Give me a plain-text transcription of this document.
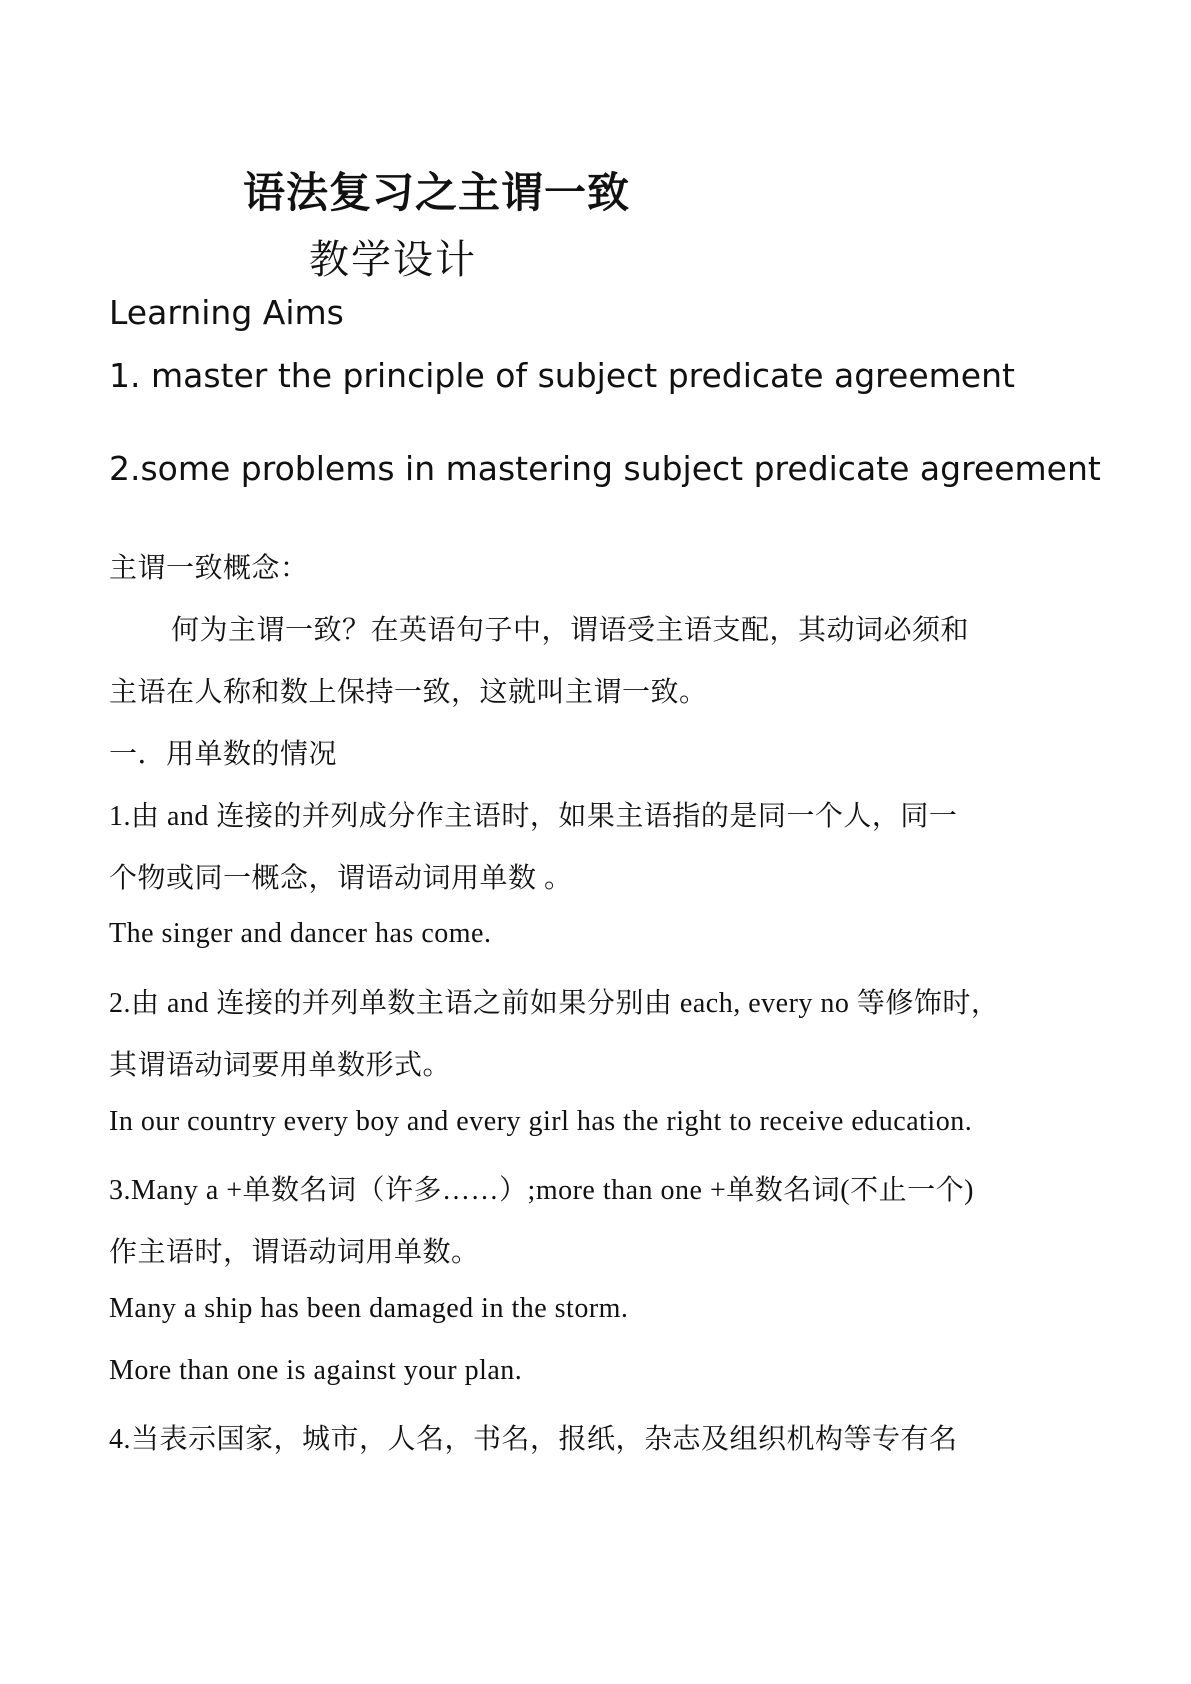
语法复习之主谓一致

教学设计

Learning Aims

1. master the principle of subject predicate agreement

2.some problems in mastering subject predicate agreement

主谓一致概念：

何为主谓一致？在英语句子中，谓语受主语支配，其动词必须和

主语在人称和数上保持一致，这就叫主谓一致。

一．用单数的情况

1.由 and 连接的并列成分作主语时，如果主语指的是同一个人，同一

个物或同一概念，谓语动词用单数 。

The singer and dancer has come.

2.由 and 连接的并列单数主语之前如果分别由 each, every no 等修饰时，

其谓语动词要用单数形式。

In our country every boy and every girl has the right to receive education.

3.Many a +单数名词（许多……）;more than one +单数名词(不止一个)

作主语时，谓语动词用单数。

Many a ship has been damaged in the storm.

More than one is against your plan.

4.当表示国家，城市，人名，书名，报纸，杂志及组织机构等专有名
